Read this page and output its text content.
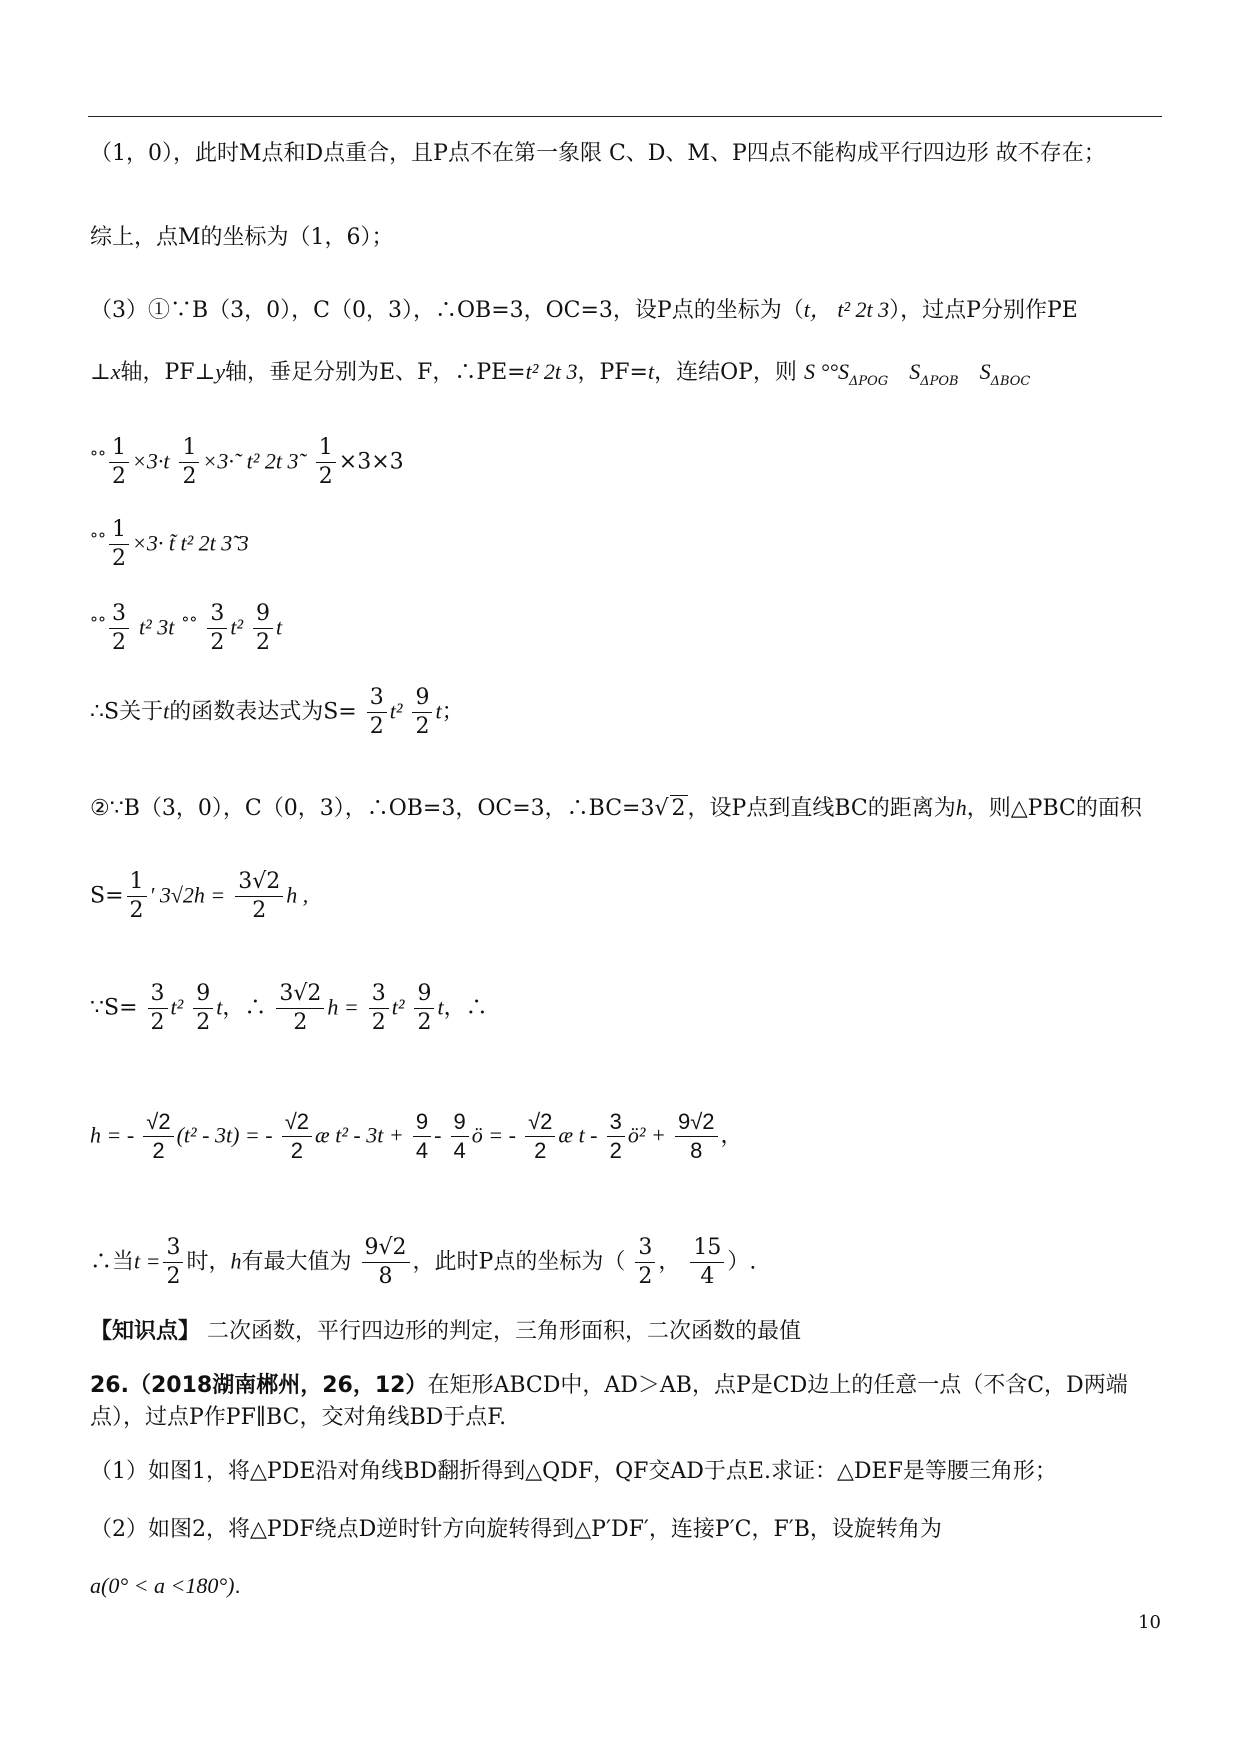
（1，0），此时M点和D点重合，且P点不在第一象限 C、D、M、P四点不能构成平行四边形 故不存在；
综上，点M的坐标为（1，6）；
（3）①∵B（3，0），C（0，3），∴OB=3，OC=3，设P点的坐标为（t， t² 2t 3），过点P分别作PE
⊥x轴，PF⊥y轴，垂足分别为E、F，∴PE=t² 2t 3，PF=t，连结OP，则 S $^\circ^\circ S_{\Delta POG}$ $S_{\Delta POB}$ $S_{\Delta BOC}$
$^{^\circ^\circ} \frac{1}{2} \times 3\cdot t \frac{1}{2}$ ×3·˜ t² 2t 3˜ $\frac{1}{2} \times 3\times 3$
$^{^\circ^\circ} \frac{1}{2} \times 3\cdot$ t̃ t² 2t 3̃ 3
$^{^\circ^\circ} \frac{3}{2} t^2$ 3t $^{^\circ^\circ} \frac{3}{2} t^2 \frac{9}{2}$ t
∴S关于t的函数表达式为$S= \frac{3}{2} t^2 \frac{9}{2}$ t；
②∵B（3，0），C（0，3），∴OB=3，OC=3，∴BC=3√ 2，设P点到直线BC的距离为h，则△PBC的面积
$S= \frac{1}{2}$ ′ $3√2h = \frac{3√2}{2}$ h ,
∵S= $\frac{3}{2} t^2 \frac{9}{2}$ t，∴ $\frac{3√2}{2}$ $h = \frac{3}{2} t^2 \frac{9}{2}$ t，∴
h = - $\frac{√2}{2} (t^2 - 3t)$ = - $\frac{√2}{2}$ æ $t^2 - 3t + \frac{9}{4} - \frac{9}{4}$ ö = - $\frac{√2}{2}$ æ t - $\frac{3}{2}$ ö² + $\frac{9√2}{8}$ ，
∴当$t = \frac{3}{2}$ 时，h有最大值为 $\frac{9√2}{8}$ ，此时P点的坐标为（ $\frac{3}{2}$ ， $\frac{15}{4}$ ）.
【知识点】 二次函数，平行四边形的判定，三角形面积，二次函数的最值
26.（2018湖南郴州，26，12）在矩形ABCD中，AD＞AB，点P是CD边上的任意一点（不含C，D两端点），过点P作PF∥BC，交对角线BD于点F.
（1）如图1，将△PDE沿对角线BD翻折得到△QDF，QF交AD于点E.求证：△DEF是等腰三角形；
（2）如图2，将△PDF绕点D逆时针方向旋转得到△P′DF′，连接P′C，F′B，设旋转角为
a(0° < a <180°).
10
